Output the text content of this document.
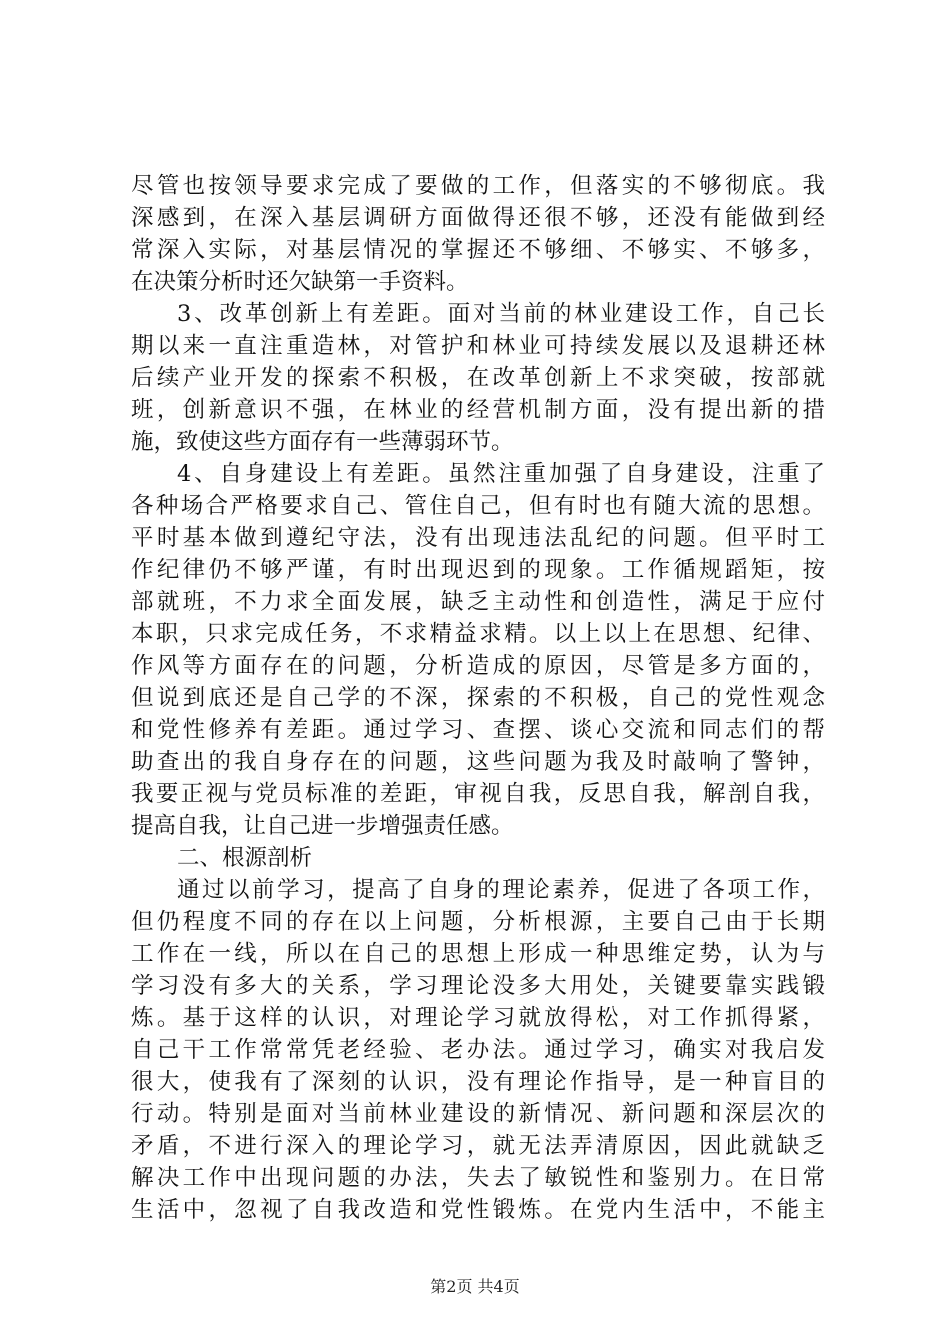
尽管也按领导要求完成了要做的工作，但落实的不够彻底。我
深感到，在深入基层调研方面做得还很不够，还没有能做到经
常深入实际，对基层情况的掌握还不够细、不够实、不够多，
在决策分析时还欠缺第一手资料。
3、改革创新上有差距。面对当前的林业建设工作，自己长
期以来一直注重造林，对管护和林业可持续发展以及退耕还林
后续产业开发的探索不积极，在改革创新上不求突破，按部就
班，创新意识不强，在林业的经营机制方面，没有提出新的措
施，致使这些方面存有一些薄弱环节。
4、自身建设上有差距。虽然注重加强了自身建设，注重了
各种场合严格要求自己、管住自己，但有时也有随大流的思想。
平时基本做到遵纪守法，没有出现违法乱纪的问题。但平时工
作纪律仍不够严谨，有时出现迟到的现象。工作循规蹈矩，按
部就班，不力求全面发展，缺乏主动性和创造性，满足于应付
本职，只求完成任务，不求精益求精。以上以上在思想、纪律、
作风等方面存在的问题，分析造成的原因，尽管是多方面的，
但说到底还是自己学的不深，探索的不积极，自己的党性观念
和党性修养有差距。通过学习、查摆、谈心交流和同志们的帮
助查出的我自身存在的问题，这些问题为我及时敲响了警钟，
我要正视与党员标准的差距，审视自我，反思自我，解剖自我，
提高自我，让自己进一步增强责任感。
二、根源剖析
通过以前学习，提高了自身的理论素养，促进了各项工作，
但仍程度不同的存在以上问题，分析根源，主要自己由于长期
工作在一线，所以在自己的思想上形成一种思维定势，认为与
学习没有多大的关系，学习理论没多大用处，关键要靠实践锻
炼。基于这样的认识，对理论学习就放得松，对工作抓得紧，
自己干工作常常凭老经验、老办法。通过学习，确实对我启发
很大，使我有了深刻的认识，没有理论作指导，是一种盲目的
行动。特别是面对当前林业建设的新情况、新问题和深层次的
矛盾，不进行深入的理论学习，就无法弄清原因，因此就缺乏
解决工作中出现问题的办法，失去了敏锐性和鉴别力。在日常
生活中，忽视了自我改造和党性锻炼。在党内生活中，不能主
第2页 共4页
